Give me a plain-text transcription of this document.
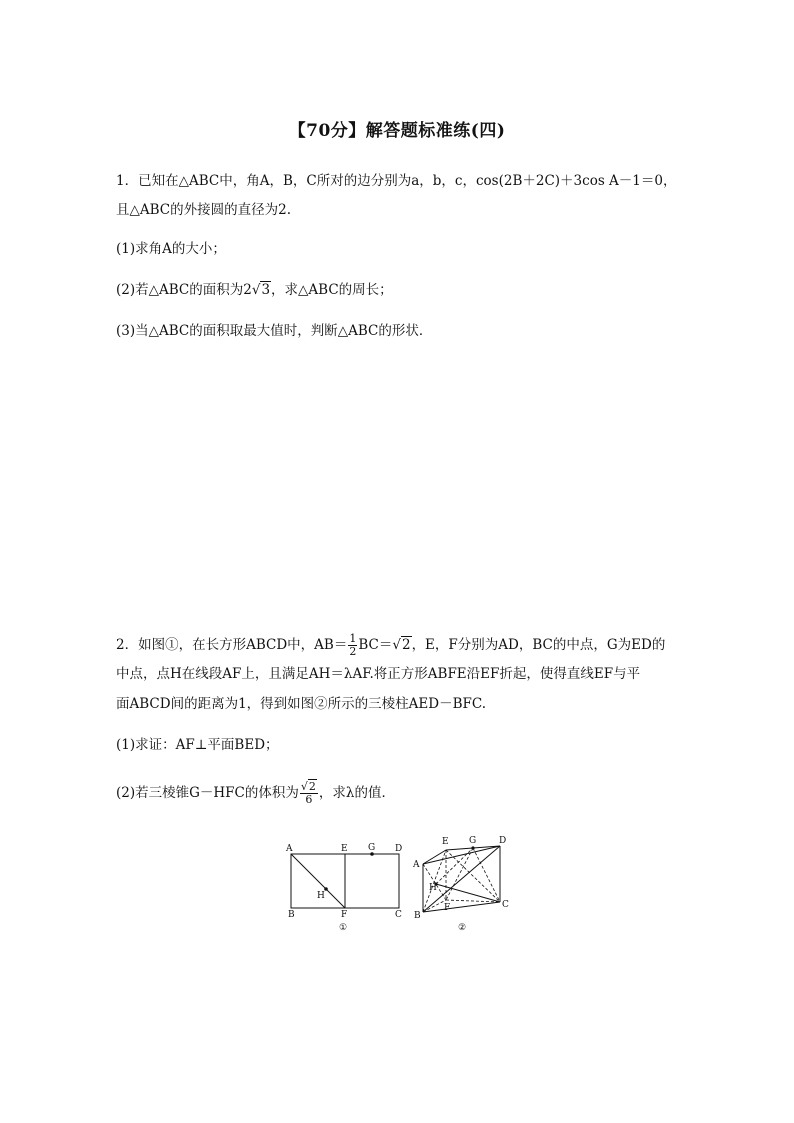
【70分】解答题标准练(四)
1．已知在△ABC中，角A，B，C所对的边分别为a，b，c，cos(2B＋2C)＋3cos A－1＝0，
且△ABC的外接圆的直径为2.
(1)求角A的大小；
(2)若△ABC的面积为2√3，求△ABC的周长；
(3)当△ABC的面积取最大值时，判断△ABC的形状．
2．如图①，在长方形ABCD中，$AB= \frac{1}{2} BC=√2$，E，F分别为AD，BC的中点，G为ED的
中点，点H在线段AF上，且满足AH＝λAF.将正方形ABFE沿EF折起，使得直线EF与平
面ABCD间的距离为1，得到如图②所示的三棱柱AED－BFC.
(1)求证：AF⊥平面BED；
(2)若三棱锥G－HFC的体积为 $\frac{√2}{6}$ ，求λ的值．
A	E G D
B	F	C
H
①
E G	D
A
H
B
F	C
②
